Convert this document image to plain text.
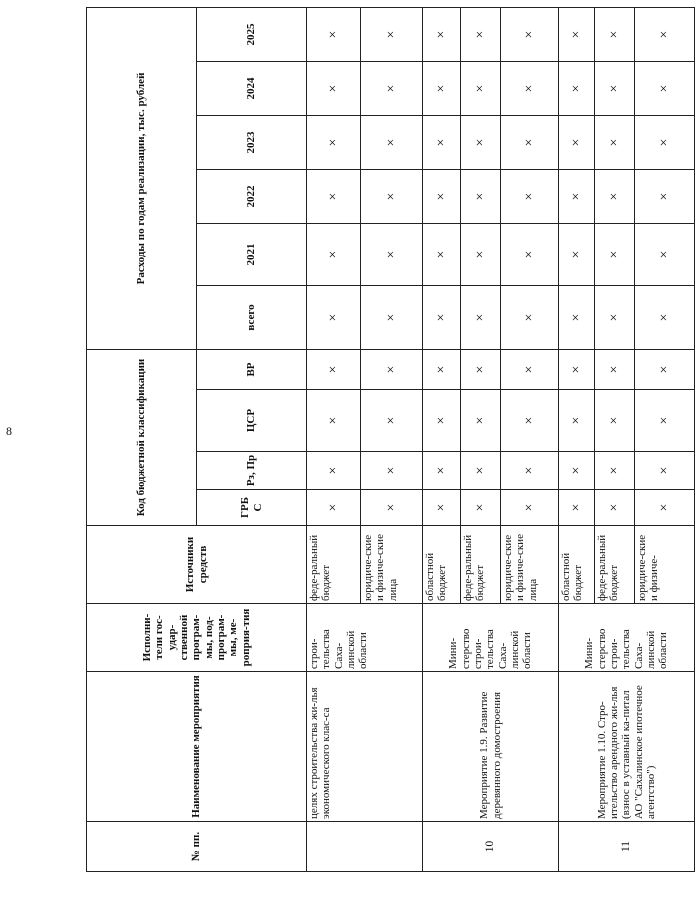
8
№ пп.	Наименование мероприятия	Исполни-тели гос-удар-ственной програм-мы, под-програм-мы, ме-роприя-тия	Источники средств	Код бюджетной классификации				Расходы по годам реализации, тыс. рублей					
				ГРБ С	Рз, Пр	ЦСР	ВР	всего	2021	2022	2023	2024	2025
	целях строительства жи-лья экономического клас-са	строи-тельства Саха-линской области	феде-ральный бюджет	×	×	×	×	×	×	×	×	×	×
			юридиче-ские и физиче-ские лица	×	×	×	×	×	×	×	×	×	×
10	Мероприятие 1.9. Развитие деревянного домостроения	Мини-стерство строи-тельства Саха-линской области	областной бюджет	×	×	×	×	×	×	×	×	×	×
			феде-ральный бюджет	×	×	×	×	×	×	×	×	×	×
			юридиче-ские и физиче-ские лица	×	×	×	×	×	×	×	×	×	×
11	Мероприятие 1.10. Стро-ительство арендного жи-лья (взнос в уставный ка-питал АО "Сахалинское ипотечное агентство")	Мини-стерство строи-тельства Саха-линской области	областной бюджет	×	×	×	×	×	×	×	×	×	×
			феде-ральный бюджет	×	×	×	×	×	×	×	×	×	×
			юридиче-ские и физиче-	×	×	×	×	×	×	×	×	×	×
